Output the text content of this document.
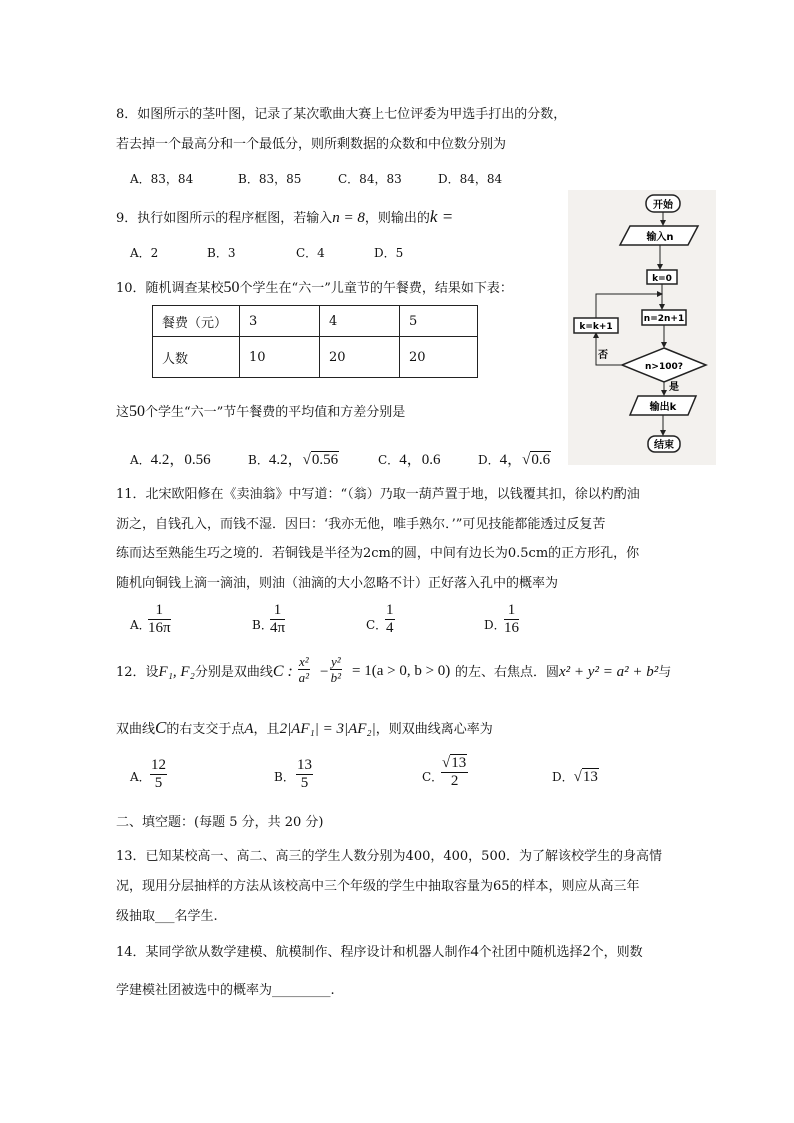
8．如图所示的茎叶图，记录了某次歌曲大赛上七位评委为甲选手打出的分数，
若去掉一个最高分和一个最低分，则所剩数据的众数和中位数分别为
A．83，84	B．83，85	C．84，83	D．84，84
9．执行如图所示的程序框图，若输入n = 8，则输出的k =
A．2	B．3	C．4	D．5
10．随机调查某校50个学生在“六一”儿童节的午餐费，结果如下表：
餐费（元）	3	4	5
人数	10	20	20
这50个学生“六一”节午餐费的平均值和方差分别是
A．4.2，0.56	B．4.2，√0.56	C．4，0.6	D．4，√0.6
开始
输入n
k=0
n=2n+1
n>100?
否
k=k+1
是
输出k
结束
11．北宋欧阳修在《卖油翁》中写道：“（翁）乃取一葫芦置于地，以钱覆其扣，徐以杓酌油
沥之，自钱孔入，而钱不湿．因曰：‘我亦无他，唯手熟尔．’”可见技能都能透过反复苦
练而达至熟能生巧之境的．若铜钱是半径为2cm的圆，中间有边长为0.5cm的正方形孔，你
随机向铜钱上滴一滴油，则油（油滴的大小忽略不计）正好落入孔中的概率为
A．
$\frac{1}{16\pi}$	B．
$\frac{1}{4\pi}$	C．
$\frac{1}{4}$	D．
$\frac{1}{16}$
12．设F₁, F₂分别是双曲线C : $\frac{\text{x²}}{\text{a²}} - \frac{\text{y²}}{\text{b²}} = 1(a > 0$, b > 0) 的左、右焦点．圆x² + y² = a² + b²与
双曲线C的右支交于点A，且2|AF₁| = 3|AF₂|，则双曲线离心率为
A． $\frac{12}{5}$	B． $\frac{13}{5}$	C．
$\frac{√13}{2}$	D．√13
二、填空题：(每题 5 分，共 20 分)
13．已知某校高一、高二、高三的学生人数分别为400，400，500．为了解该校学生的身高情
况，现用分层抽样的方法从该校高中三个年级的学生中抽取容量为65的样本，则应从高三年
级抽取___名学生.
14．某同学欲从数学建模、航模制作、程序设计和机器人制作4个社团中随机选择2个，则数
学建模社团被选中的概率为_________.
